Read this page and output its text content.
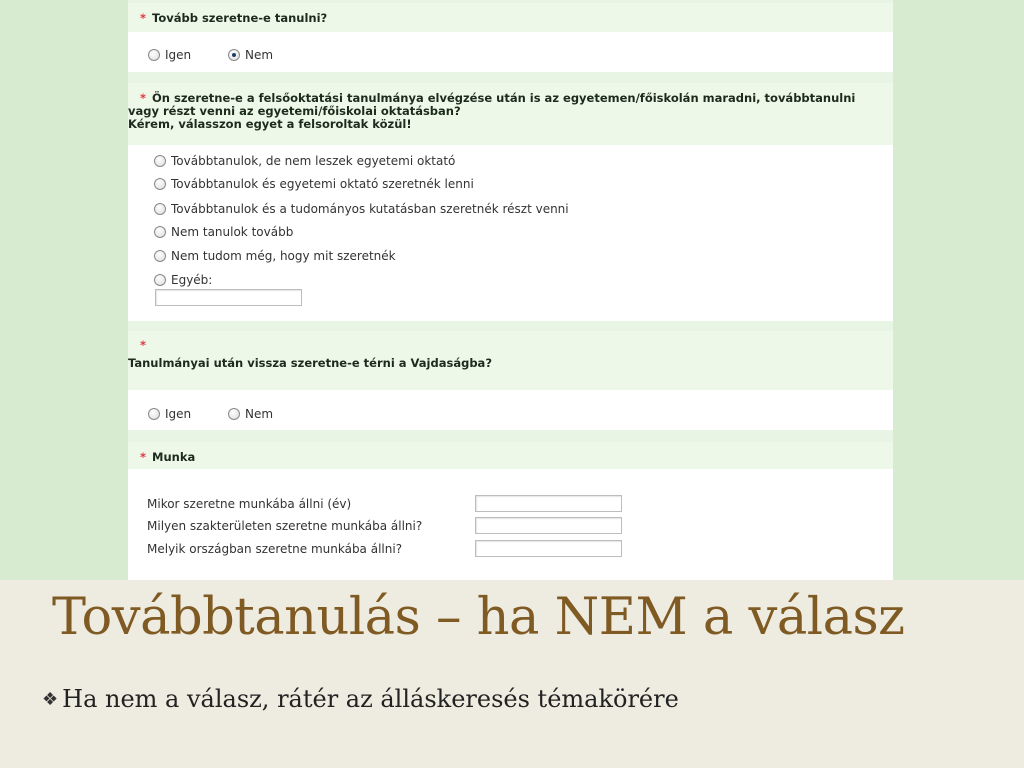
* Tovább szeretne-e tanulni?
Igen	Nem
* Ön szeretne-e a felsőoktatási tanulmánya elvégzése után is az egyetemen/főiskolán maradni, továbbtanulni
vagy részt venni az egyetemi/főiskolai oktatásban?
Kérem, válasszon egyet a felsoroltak közül!
Továbbtanulok, de nem leszek egyetemi oktató
Továbbtanulok és egyetemi oktató szeretnék lenni
Továbbtanulok és a tudományos kutatásban szeretnék részt venni
Nem tanulok tovább
Nem tudom még, hogy mit szeretnék
Egyéb:
*
Tanulmányai után vissza szeretne-e térni a Vajdaságba?
Igen	Nem
* Munka
Mikor szeretne munkába állni (év)
Milyen szakterületen szeretne munkába állni?
Melyik országban szeretne munkába állni?
Továbbtanulás – ha NEM a válasz
❖ Ha nem a válasz, rátér az álláskeresés témakörére
